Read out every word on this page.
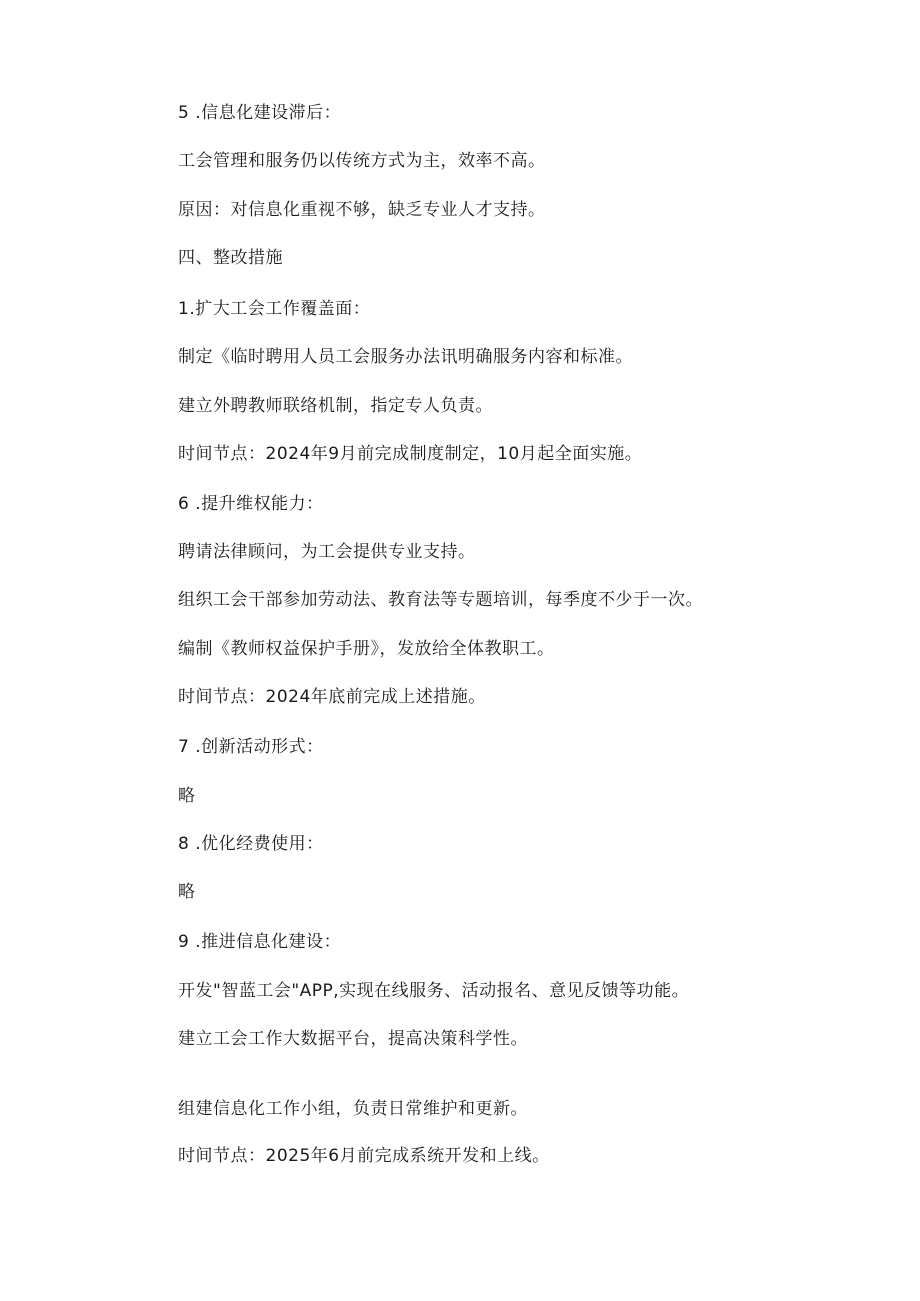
5 .信息化建设滞后：
工会管理和服务仍以传统方式为主，效率不高。
原因：对信息化重视不够，缺乏专业人才支持。
四、整改措施
1.扩大工会工作覆盖面：
制定《临时聘用人员工会服务办法讯明确服务内容和标准。
建立外聘教师联络机制，指定专人负责。
时间节点：2024年9月前完成制度制定，10月起全面实施。
6 .提升维权能力：
聘请法律顾问，为工会提供专业支持。
组织工会干部参加劳动法、教育法等专题培训，每季度不少于一次。
编制《教师权益保护手册》，发放给全体教职工。
时间节点：2024年底前完成上述措施。
7 .创新活动形式：
略
8 .优化经费使用：
略
9 .推进信息化建设：
开发"智蓝工会"APP,实现在线服务、活动报名、意见反馈等功能。
建立工会工作大数据平台，提高决策科学性。
组建信息化工作小组，负责日常维护和更新。
时间节点：2025年6月前完成系统开发和上线。
